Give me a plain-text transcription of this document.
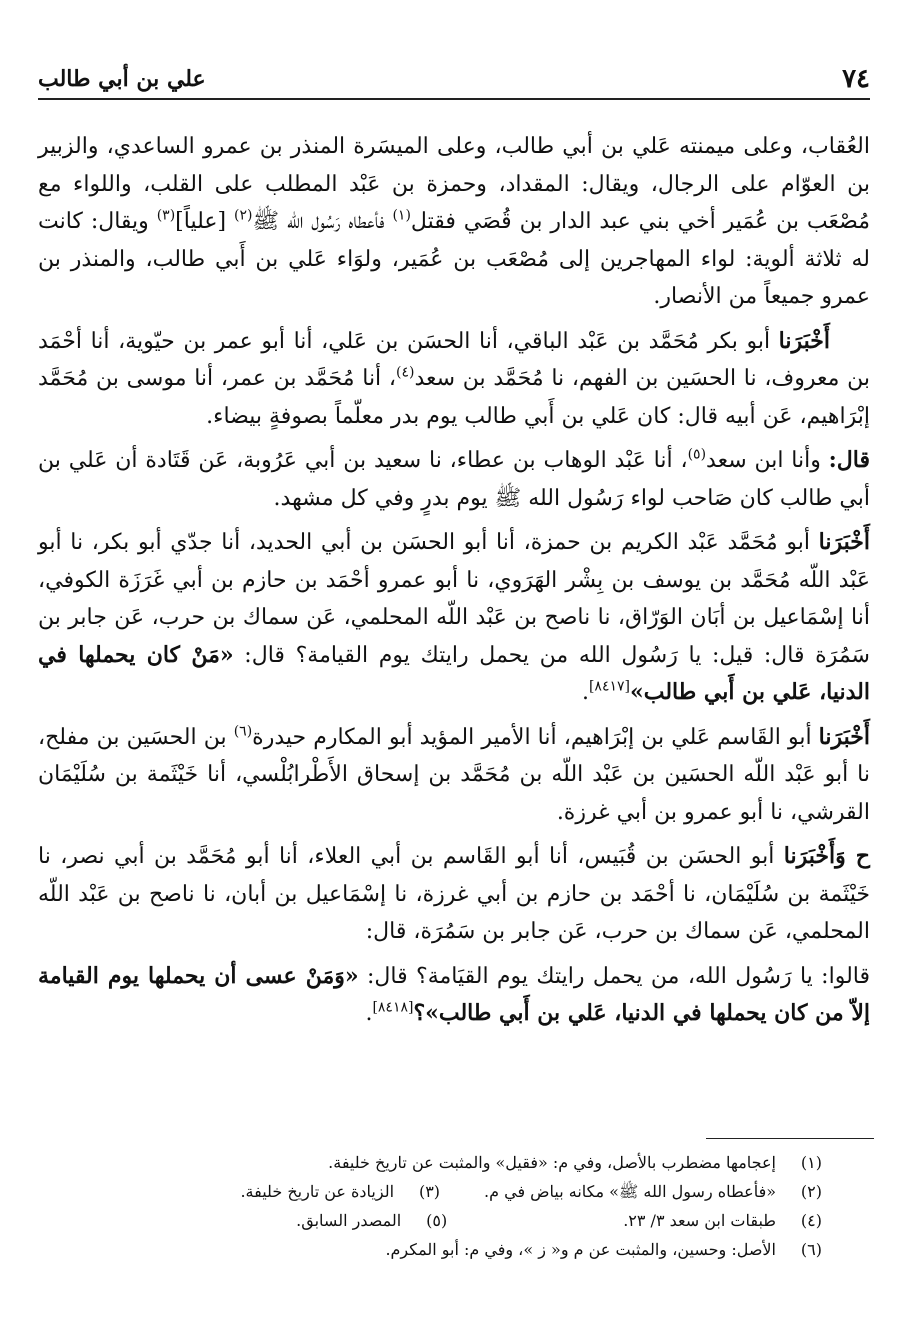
٧٤
علي بن أبي طالب

العُقاب، وعلى ميمنته عَلي بن أبي طالب، وعلى الميسَرة المنذر بن عمرو الساعدي، والزبير بن العوّام على الرجال، ويقال: المقداد، وحمزة بن عَبْد المطلب على القلب، واللواء مع مُصْعَب بن عُمَير أخي بني عبد الدار بن قُصَي فقتل$^{(١)}$ فأعطاه رَسُول الله ﷺ$^{(٢)}$ [علياً]$^{(٣)}$ ويقال: كانت له ثلاثة ألوية: لواء المهاجرين إلى مُصْعَب بن عُمَير، ولوَاء عَلي بن أَبي طالب، والمنذر بن عمرو جميعاً من الأنصار.

أَخْبَرَنا أبو بكر مُحَمَّد بن عَبْد الباقي، أنا الحسَن بن عَلي، أنا أبو عمر بن حيّوية، أنا أحْمَد بن معروف، نا الحسَين بن الفهم، نا مُحَمَّد بن سعد$^{(٤)}$، أنا مُحَمَّد بن عمر، أنا موسى بن مُحَمَّد إبْرَاهيم، عَن أبيه قال: كان عَلي بن أَبي طالب يوم بدر معلّماً بصوفةٍ بيضاء.

قال: وأنا ابن سعد$^{(٥)}$، أنا عَبْد الوهاب بن عطاء، نا سعيد بن أبي عَرُوبة، عَن قَتَادة أن عَلي بن أبي طالب كان صَاحب لواء رَسُول الله ﷺ يوم بدرٍ وفي كل مشهد.

أَخْبَرَنا أبو مُحَمَّد عَبْد الكريم بن حمزة، أنا أبو الحسَن بن أبي الحديد، أنا جدّي أبو بكر، نا أبو عَبْد اللّه مُحَمَّد بن يوسف بن بِشْر الهَرَوي، نا أبو عمرو أحْمَد بن حازم بن أبي غَرَزَة الكوفي، أنا إسْمَاعيل بن أبَان الوَرّاق، نا ناصح بن عَبْد اللّه المحلمي، عَن سماك بن حرب، عَن جابر بن سَمُرَة قال: قيل: يا رَسُول الله من يحمل رايتك يوم القيامة؟ قال: «مَنْ كان يحملها في الدنيا، عَلي بن أَبي طالب»[٨٤١٧].

أَخْبَرَنا أبو القَاسم عَلي بن إبْرَاهيم، أنا الأمير المؤيد أبو المكارم حيدرة$^{(٦)}$ بن الحسَين بن مفلح، نا أبو عَبْد اللّه الحسَين بن عَبْد اللّه بن مُحَمَّد بن إسحاق الأَطْرابُلْسي، أنا خَيْثَمة بن سُلَيْمَان القرشي، نا أبو عمرو بن أبي غرزة.

ح وَأَخْبَرَنا أبو الحسَن بن قُبَيس، أنا أبو القَاسم بن أبي العلاء، أنا أبو مُحَمَّد بن أبي نصر، نا خَيْثَمة بن سُلَيْمَان، نا أحْمَد بن حازم بن أبي غرزة، نا إسْمَاعيل بن أبان، نا ناصح بن عَبْد اللّه المحلمي، عَن سماك بن حرب، عَن جابر بن سَمُرَة، قال:

قالوا: يا رَسُول الله، من يحمل رايتك يوم القيَامة؟ قال: «وَمَنْ عسى أن يحملها يوم القيامة إلاّ من كان يحملها في الدنيا، عَلي بن أَبي طالب»؟[٨٤١٨].

(١)إعجامها مضطرب بالأصل، وفي م: «فقيل» والمثبت عن تاريخ خليفة.
(٢)«فأعطاه رسول الله ﷺ» مكانه بياض في م.(٣)الزيادة عن تاريخ خليفة.
(٤)طبقات ابن سعد ٣/ ٢٣.(٥)المصدر السابق.
(٦)الأصل: وحسين، والمثبت عن م و« ز »، وفي م: أبو المكرم.
